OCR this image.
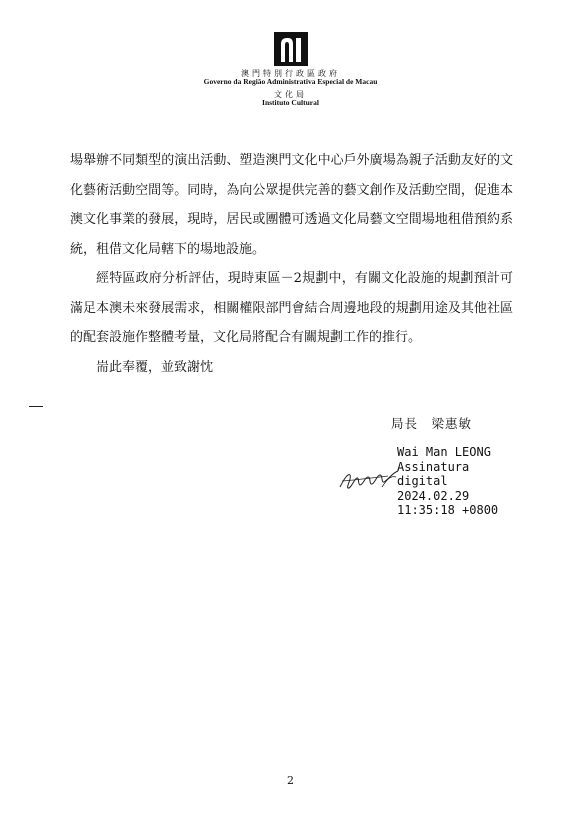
澳門特別行政區政府
Governo da Região Administrativa Especial de Macau
文化局
Instituto Cultural

場舉辦不同類型的演出活動、塑造澳門文化中心戶外廣場為親子活動友好的文化藝術活動空間等。同時，為向公眾提供完善的藝文創作及活動空間，促進本澳文化事業的發展，現時，居民或團體可透過文化局藝文空間場地租借預約系統，租借文化局轄下的場地設施。

經特區政府分析評估，現時東區－2規劃中，有關文化設施的規劃預計可滿足本澳未來發展需求，相關權限部門會結合周邊地段的規劃用途及其他社區的配套設施作整體考量，文化局將配合有關規劃工作的推行。

耑此奉覆，並致謝忱

局長　梁惠敏
Wai Man LEONG
Assinatura
digital
2024.02.29
11:35:18 +0800
2
